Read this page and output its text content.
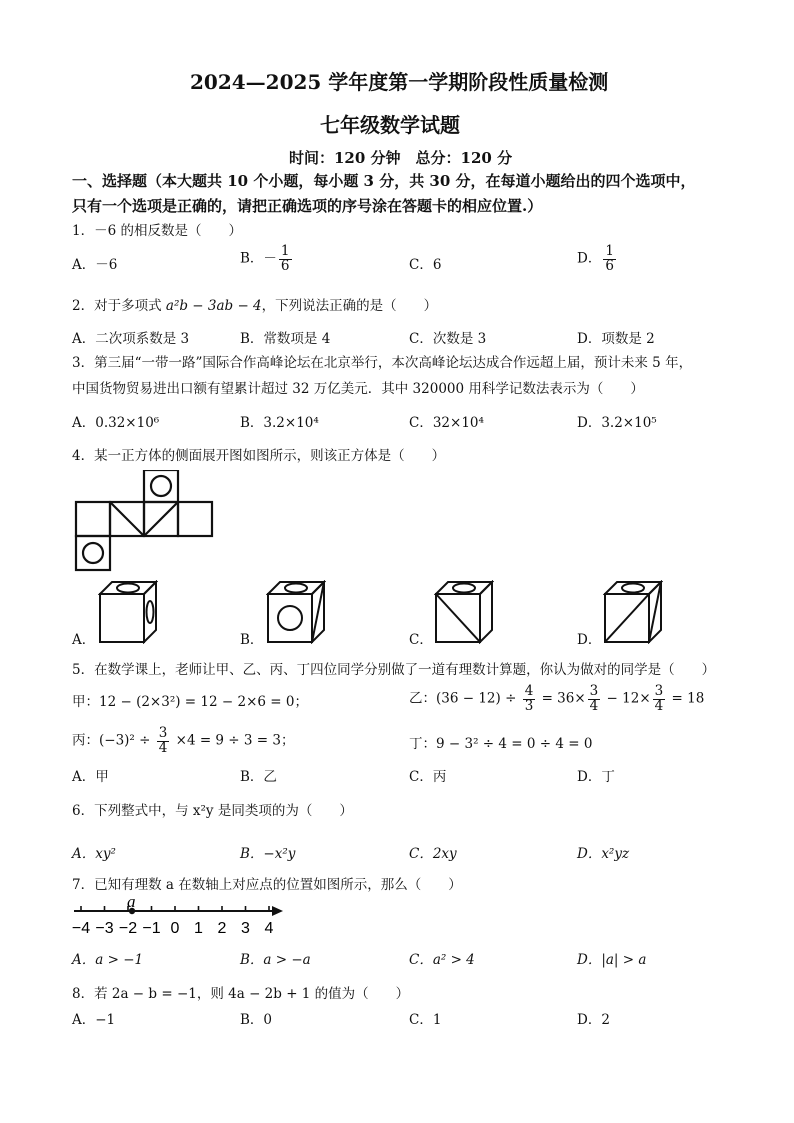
2024—2025 学年度第一学期阶段性质量检测
七年级数学试题
时间：120 分钟　总分：120 分
一、选择题（本大题共 10 个小题，每小题 3 分，共 30 分，在每道小题给出的四个选项中，
只有一个选项是正确的，请把正确选项的序号涂在答题卡的相应位置.）
1．－6 的相反数是（　　）
A．－6	B．－ $\frac{1}{6}$	C．6	D． $\frac{1}{6}$
2．对于多项式 a²b − 3ab − 4，下列说法正确的是（　　）
A．二次项系数是 3	B．常数项是 4	C．次数是 3	D．项数是 2
3．第三届“一带一路”国际合作高峰论坛在北京举行，本次高峰论坛达成合作远超上届，预计未来 5 年，
中国货物贸易进出口额有望累计超过 32 万亿美元．其中 320000 用科学记数法表示为（　　）
A．0.32×10⁶	B．3.2×10⁴	C．32×10⁴	D．3.2×10⁵
4．某一正方体的侧面展开图如图所示，则该正方体是（　　）
A．	B．	C．	D．
5．在数学课上，老师让甲、乙、丙、丁四位同学分别做了一道有理数计算题，你认为做对的同学是（　　）
甲：12 − (2×3²) = 12 − 2×6 = 0；	乙：$(36 - 12) \div \frac{4}{3} = 36\times \frac{3}{4} - 12\times \frac{3}{4} = 18$
丙：$(-3)^2 \div \frac{3}{4} \times 4 = 9 \div 3 = 3$；	丁：9 − 3² ÷ 4 = 0 ÷ 4 = 0
A．甲	B．乙	C．丙	D．丁
6．下列整式中，与 x²y 是同类项的为（　　）
A．xy²	B．−x²y	C．2xy	D．x²yz
7．已知有理数 a 在数轴上对应点的位置如图所示，那么（　　）
a
−4 −3 −2 −1 0 1 2 3 4
A．a > −1	B．a > −a	C．a² > 4	D．|a| > a
8．若 2a − b = −1，则 4a − 2b + 1 的值为（　　）
A．−1	B．0	C．1	D．2
